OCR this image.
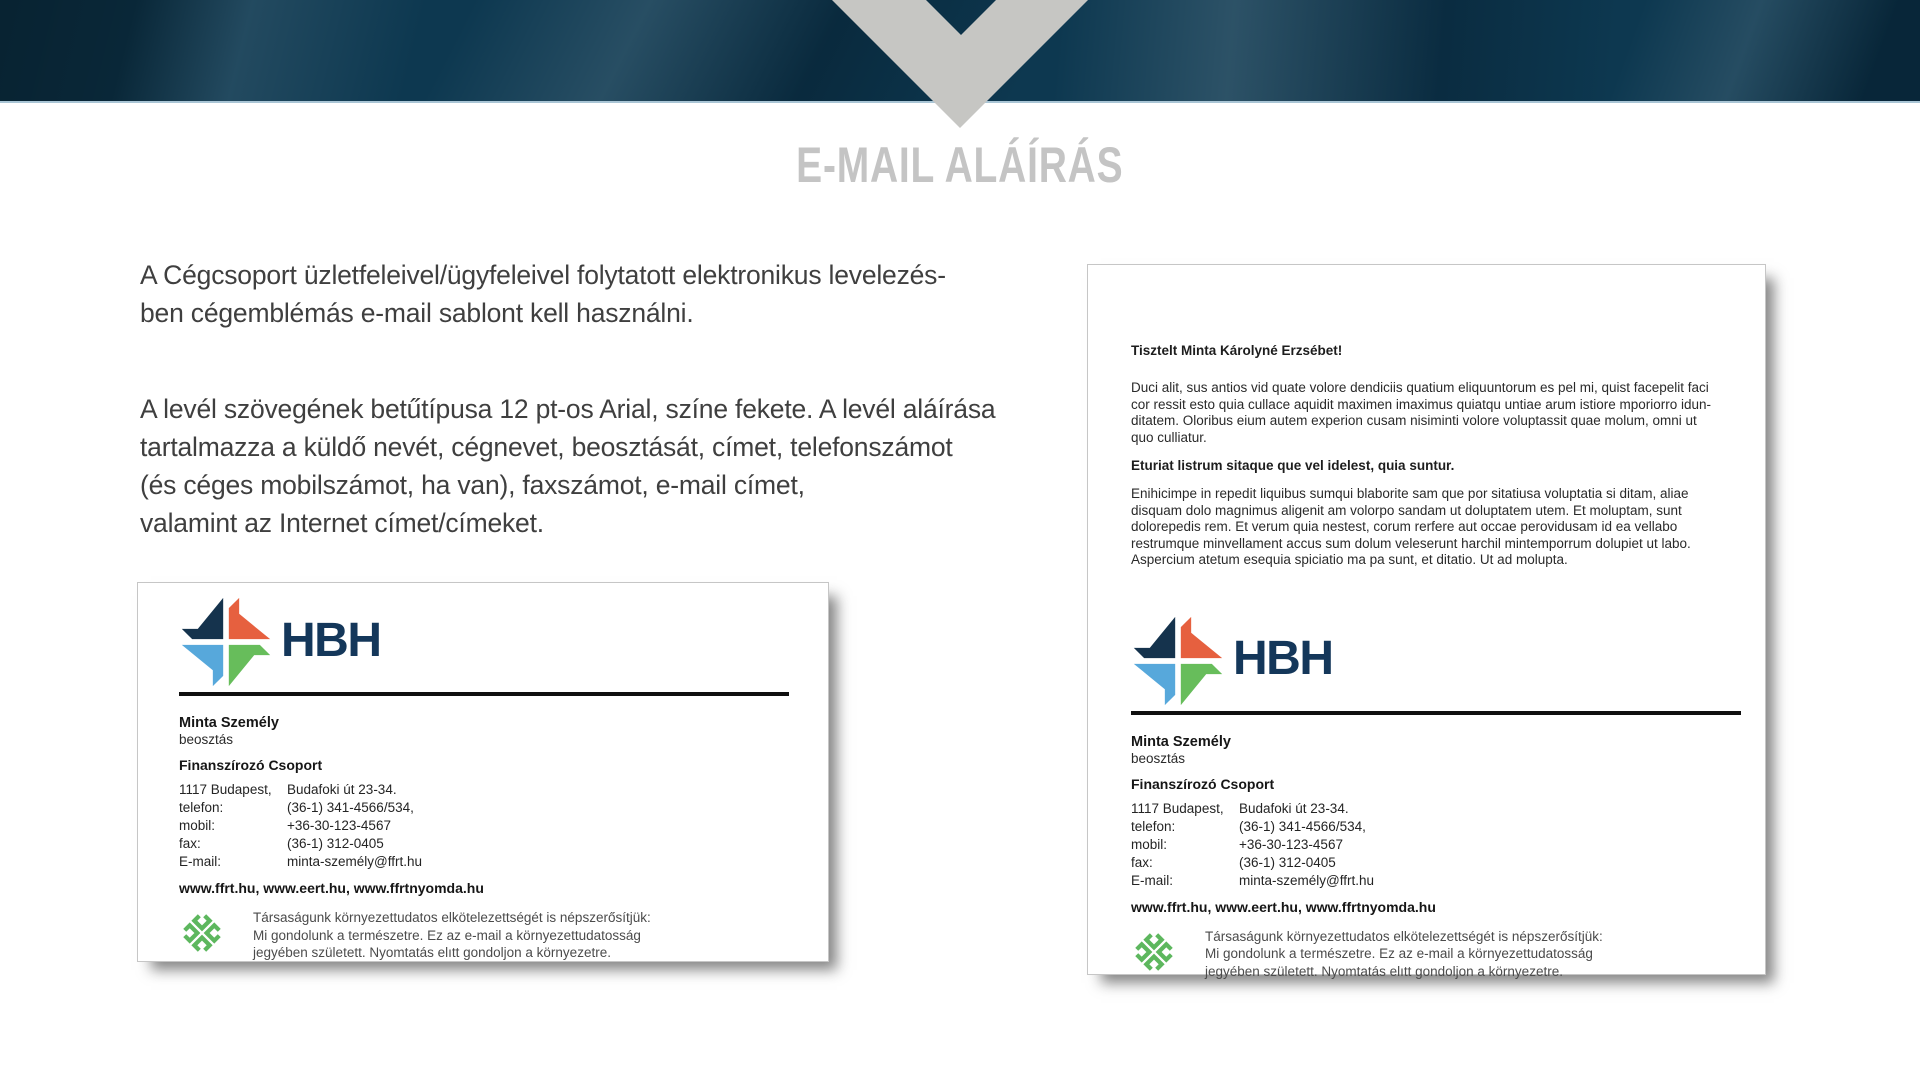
E-MAIL ALÁÍRÁS
A Cégcsoport üzletfeleivel/ügyfeleivel folytatott elektronikus levelezés-
ben cégemblémás e-mail sablont kell használni.
A levél szövegének betűtípusa 12 pt-os Arial, színe fekete. A levél aláírása
tartalmazza a küldő nevét, cégnevet, beosztását, címet, telefonszámot
(és céges mobilszámot, ha van), faxszámot, e-mail címet,
valamint az Internet címet/címeket.
HBH
Minta Személy
beosztás
Finanszírozó Csoport
1117 Budapest,	Budafoki út 23-34.
telefon:	(36-1) 341-4566/534,
mobil:	+36-30-123-4567
fax:	(36-1) 312-0405
E-mail:	minta-személy@ffrt.hu
www.ffrt.hu, www.eert.hu, www.ffrtnyomda.hu
Társaságunk környezettudatos elkötelezettségét is népszerősítjük:
Mi gondolunk a természetre. Ez az e-mail a környezettudatosság
jegyében született. Nyomtatás elıtt gondoljon a környezetre.
Tisztelt Minta Károlyné Erzsébet!
Duci alit, sus antios vid quate volore dendiciis quatium eliquuntorum es pel mi, quist facepelit faci
cor ressit esto quia cullace aquidit maximen imaximus quiatqu untiae arum istiore mporiorro idun-
ditatem. Oloribus eium autem experion cusam nisiminti volore voluptassit quae molum, omni ut
quo culliatur.
Eturiat listrum sitaque que vel idelest, quia suntur.
Enihicimpe in repedit liquibus sumqui blaborite sam que por sitatiusa voluptatia si ditam, aliae
disquam dolo magnimus aligenit am volorpo sandam ut doluptatem utem. Et moluptam, sunt
dolorepedis rem. Et verum quia nestest, corum rerfere aut occae perovidusam id ea vellabo
restrumque minvellament accus sum dolum veleserunt harchil mintemporrum dolupiet ut labo.
Aspercium atetum esequia spiciatio ma pa sunt, et ditatio. Ut ad molupta.
HBH
Minta Személy
beosztás
Finanszírozó Csoport
1117 Budapest,	Budafoki út 23-34.
telefon:	(36-1) 341-4566/534,
mobil:	+36-30-123-4567
fax:	(36-1) 312-0405
E-mail:	minta-személy@ffrt.hu
www.ffrt.hu, www.eert.hu, www.ffrtnyomda.hu
Társaságunk környezettudatos elkötelezettségét is népszerősítjük:
Mi gondolunk a természetre. Ez az e-mail a környezettudatosság
jegyében született. Nyomtatás elıtt gondoljon a környezetre.
